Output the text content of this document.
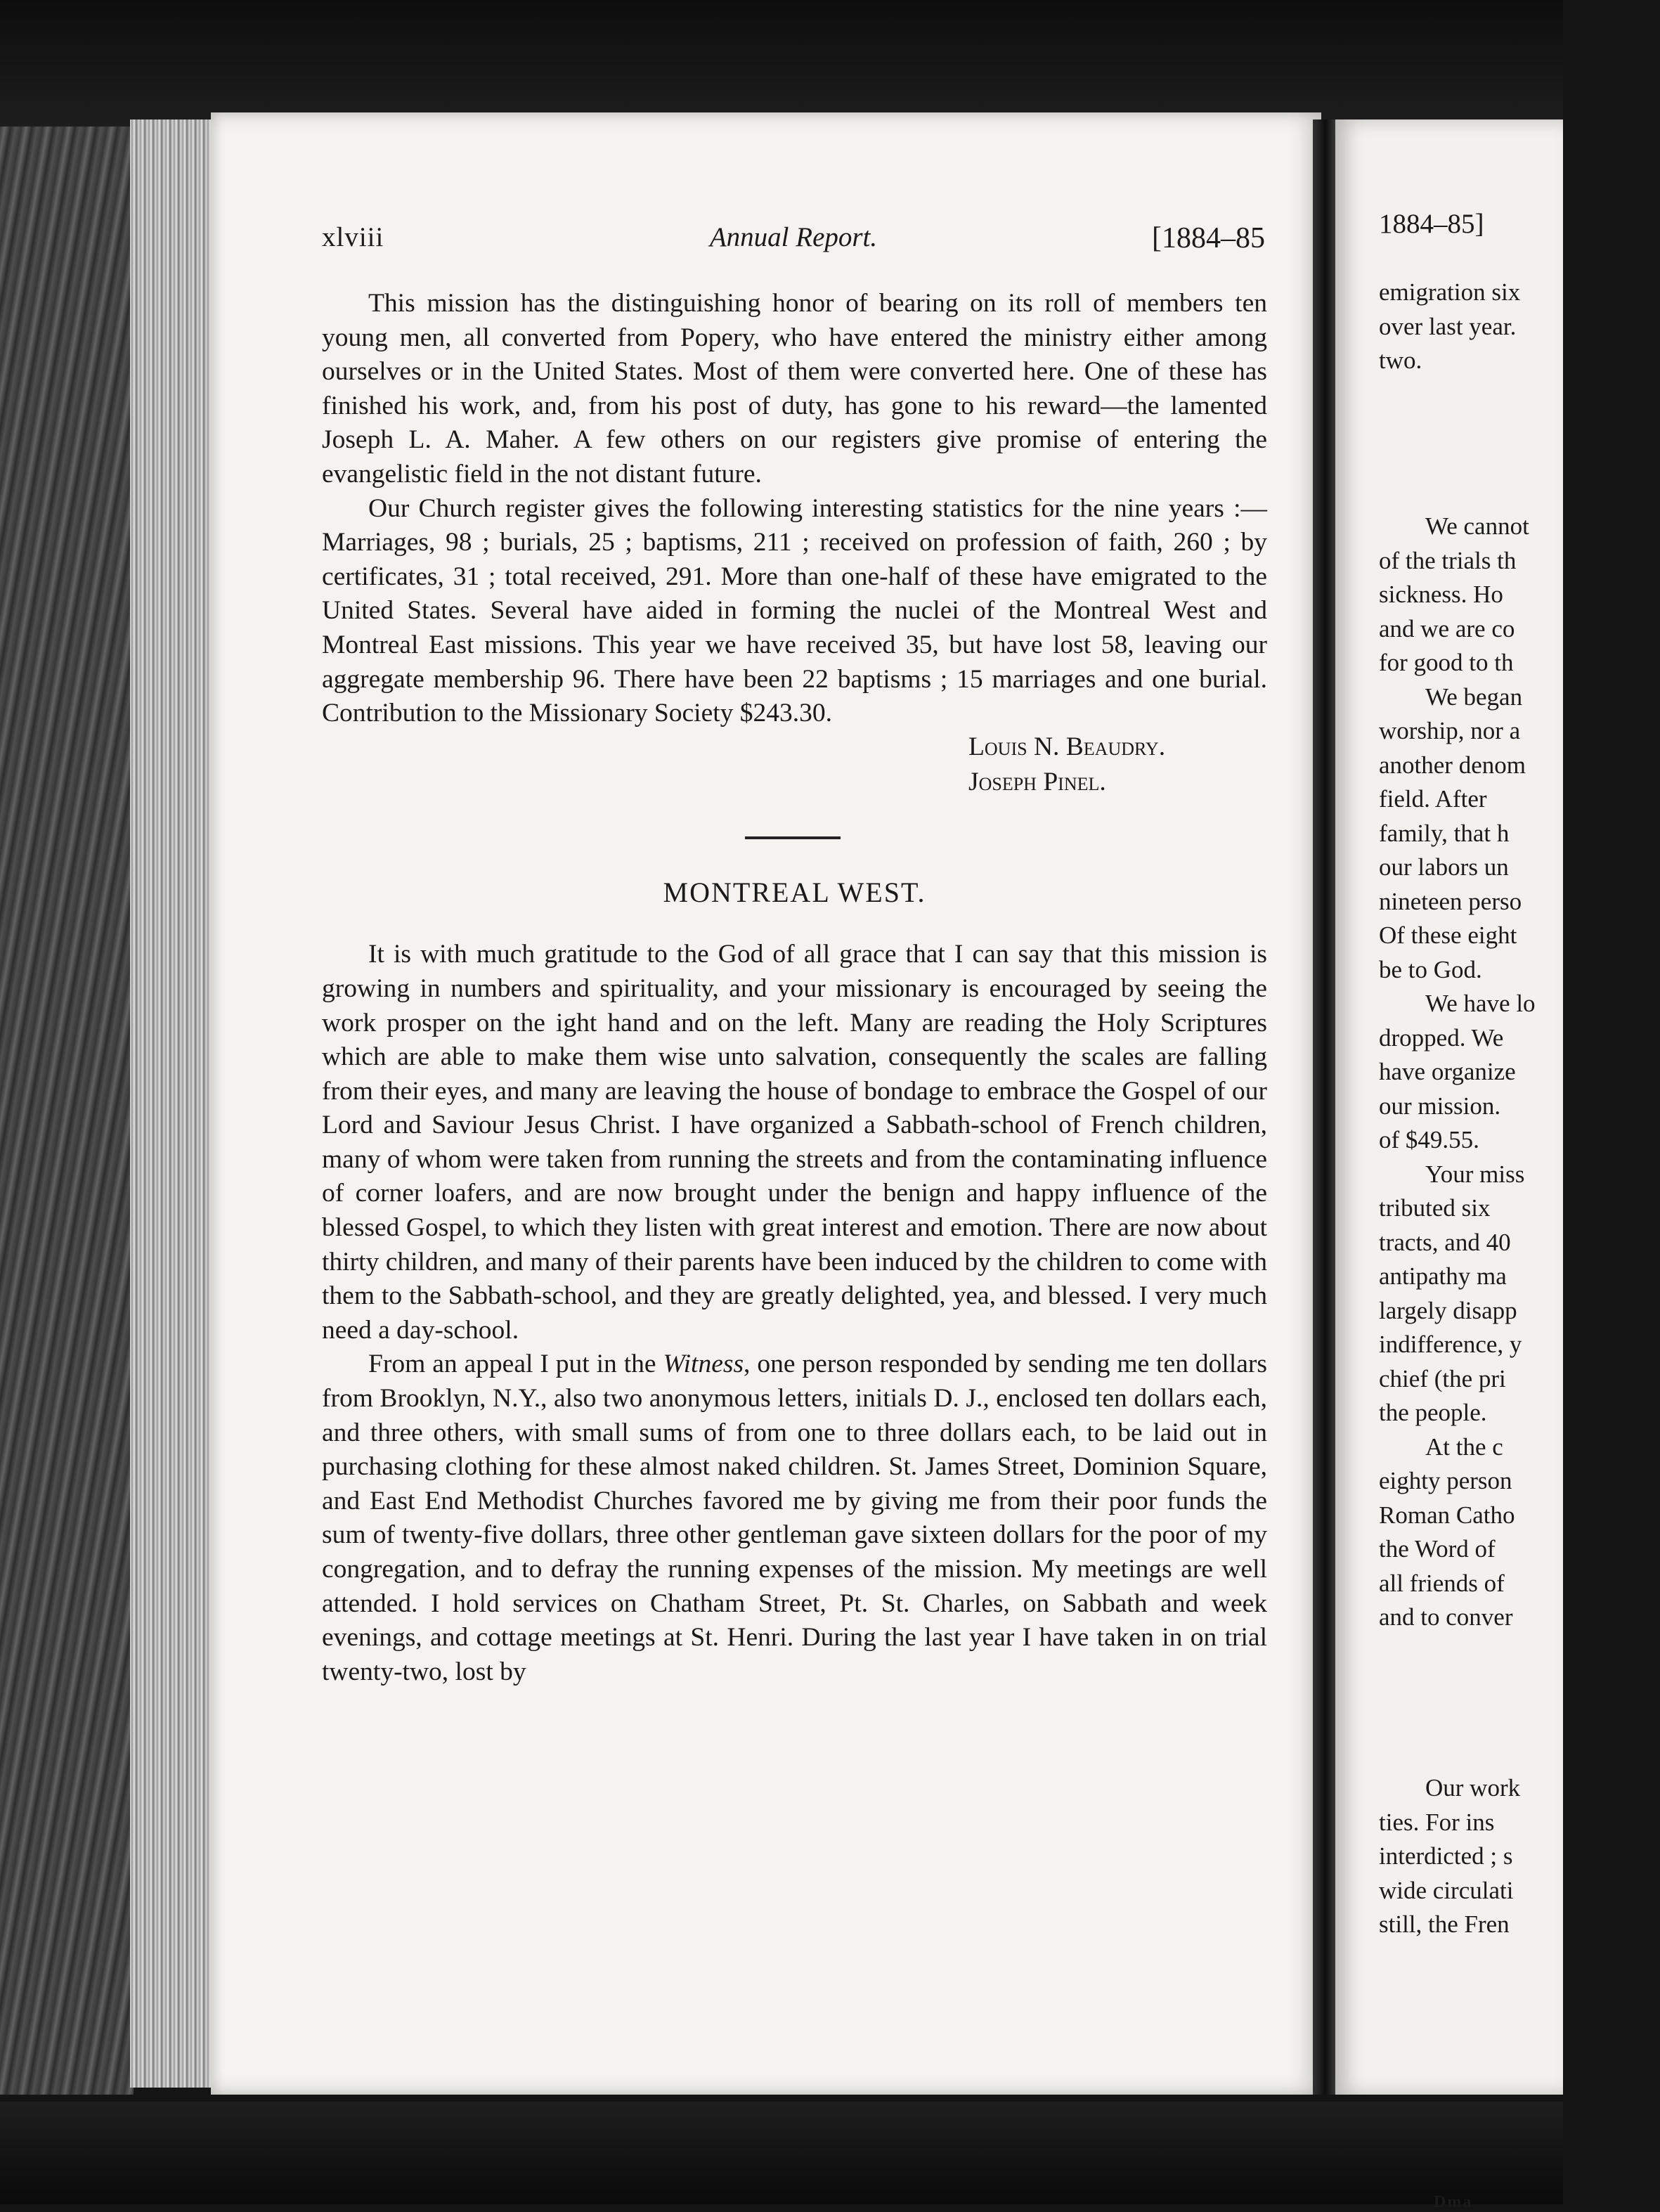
xlviii	Annual Report.	[1884–85

This mission has the distinguishing honor of bearing on its roll of members ten young men, all converted from Popery, who have entered the ministry either among ourselves or in the United States. Most of them were converted here. One of these has finished his work, and, from his post of duty, has gone to his reward—the lamented Joseph L. A. Maher. A few others on our registers give promise of entering the evangelistic field in the not distant future.

Our Church register gives the following interesting statistics for the nine years :—Marriages, 98 ; burials, 25 ; baptisms, 211 ; received on profession of faith, 260 ; by certificates, 31 ; total received, 291. More than one-half of these have emigrated to the United States. Several have aided in forming the nuclei of the Montreal West and Montreal East missions. This year we have received 35, but have lost 58, leaving our aggregate membership 96. There have been 22 baptisms ; 15 marriages and one burial. Contribution to the Missionary Society $243.30.

Louis N. Beaudry.
Joseph Pinel.
MONTREAL WEST.

It is with much gratitude to the God of all grace that I can say that this mission is growing in numbers and spirituality, and your missionary is encouraged by seeing the work prosper on the ight hand and on the left. Many are reading the Holy Scriptures which are able to make them wise unto salvation, consequently the scales are falling from their eyes, and many are leaving the house of bondage to embrace the Gospel of our Lord and Saviour Jesus Christ. I have organized a Sabbath-school of French children, many of whom were taken from running the streets and from the contaminating influence of corner loafers, and are now brought under the benign and happy influence of the blessed Gospel, to which they listen with great interest and emotion. There are now about thirty children, and many of their parents have been induced by the children to come with them to the Sabbath-school, and they are greatly delighted, yea, and blessed. I very much need a day-school.

From an appeal I put in the Witness, one person responded by sending me ten dollars from Brooklyn, N.Y., also two anonymous letters, initials D. J., enclosed ten dollars each, and three others, with small sums of from one to three dollars each, to be laid out in purchasing clothing for these almost naked children. St. James Street, Dominion Square, and East End Methodist Churches favored me by giving me from their poor funds the sum of twenty-five dollars, three other gentleman gave sixteen dollars for the poor of my congregation, and to defray the running expenses of the mission. My meetings are well attended. I hold services on Chatham Street, Pt. St. Charles, on Sabbath and week evenings, and cottage meetings at St. Henri. During the last year I have taken in on trial twenty-two, lost by

1884–85]
emigration six
over last year.
two.
We cannot
of the trials th
sickness. Ho
and we are co
for good to th
We began
worship, nor a
another denom
field. After
family, that h
our labors un
nineteen perso
Of these eight
be to God.
We have lo
dropped. We
have organize
our mission.
of $49.55.
Your miss
tributed six
tracts, and 40
antipathy ma
largely disapp
indifference, y
chief (the pri
the people.
At the c
eighty person
Roman Catho
the Word of
all friends of
and to conver
Our work
ties. For ins
interdicted ; s
wide circulati
still, the Fren
Dma
